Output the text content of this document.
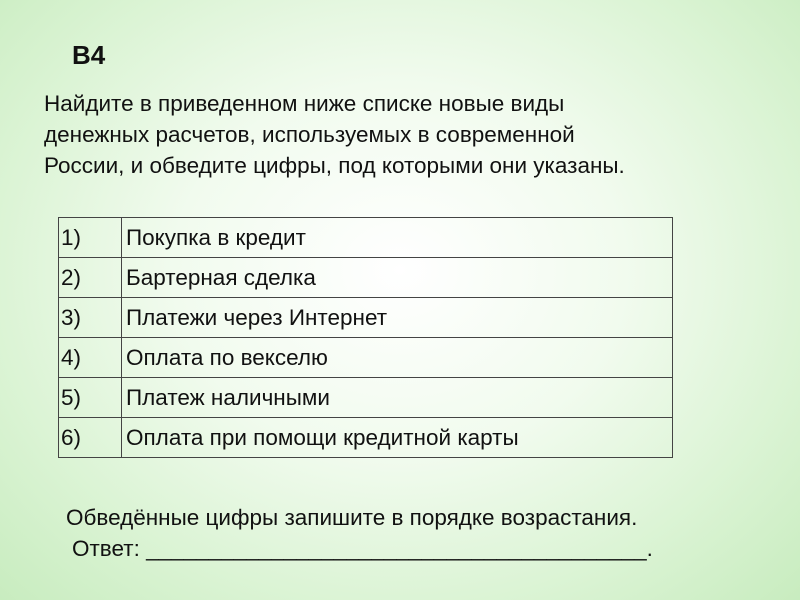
B4
Найдите в приведенном ниже списке новые виды
денежных расчетов, используемых в современной
России, и обведите цифры, под которыми они указаны.
1)	Покупка в кредит
2)	Бартерная сделка
3)	Платежи через Интернет
4)	Оплата по векселю
5)	Платеж наличными
6)	Оплата при помощи кредитной карты
Обведённые цифры запишите в порядке возрастания.
Ответ: ________________________________________.
